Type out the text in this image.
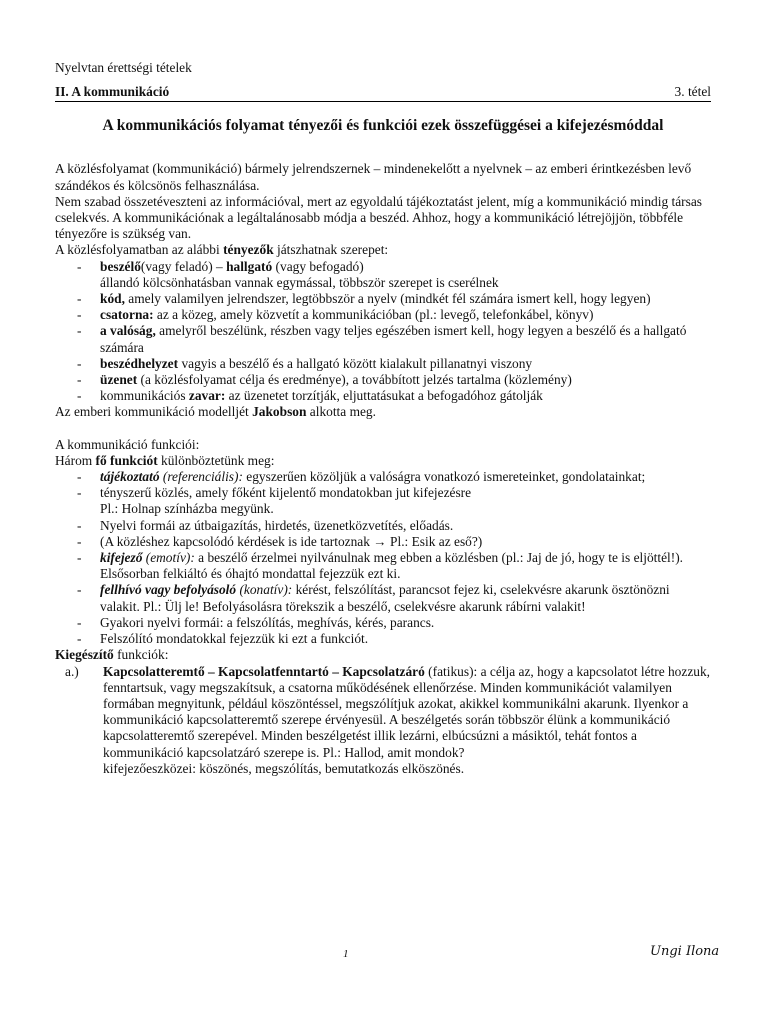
Nyelvtan érettségi tételek
II. A kommunikáció	3. tétel
A kommunikációs folyamat tényezői és funkciói ezek összefüggései a kifejezésmóddal

A közlésfolyamat (kommunikáció) bármely jelrendszernek – mindenekelőtt a nyelvnek – az emberi érintkezésben levő szándékos és kölcsönös felhasználása.

Nem szabad összetéveszteni az információval, mert az egyoldalú tájékoztatást jelent, míg a kommunikáció mindig társas cselekvés. A kommunikációnak a legáltalánosabb módja a beszéd. Ahhoz, hogy a kommunikáció létrejöjjön, többféle tényezőre is szükség van.

A közlésfolyamatban az alábbi tényezők játszhatnak szerepet:

- beszélő(vagy feladó) – hallgató (vagy befogadó)
állandó kölcsönhatásban vannak egymással, többször szerepet is cserélnek
- kód, amely valamilyen jelrendszer, legtöbbször a nyelv (mindkét fél számára ismert kell, hogy legyen)
- csatorna: az a közeg, amely közvetít a kommunikációban (pl.: levegő, telefonkábel, könyv)
- a valóság, amelyről beszélünk, részben vagy teljes egészében ismert kell, hogy legyen a beszélő és a hallgató számára
- beszédhelyzet vagyis a beszélő és a hallgató között kialakult pillanatnyi viszony
- üzenet (a közlésfolyamat célja és eredménye), a továbbított jelzés tartalma (közlemény)
- kommunikációs zavar: az üzenetet torzítják, eljuttatásukat a befogadóhoz gátolják

Az emberi kommunikáció modelljét Jakobson alkotta meg.

A kommunikáció funkciói:

Három fő funkciót különböztetünk meg:

- tájékoztató (referenciális): egyszerűen közöljük a valóságra vonatkozó ismereteinket, gondolatainkat;
- tényszerű közlés, amely főként kijelentő mondatokban jut kifejezésre
Pl.: Holnap színházba megyünk.
- Nyelvi formái az útbaigazítás, hirdetés, üzenetközvetítés, előadás.
- (A közléshez kapcsolódó kérdések is ide tartoznak → Pl.: Esik az eső?)
- kifejező (emotív): a beszélő érzelmei nyilvánulnak meg ebben a közlésben (pl.: Jaj de jó, hogy te is eljöttél!). Elsősorban felkiáltó és óhajtó mondattal fejezzük ezt ki.
- fellhívó vagy befolyásoló (konatív): kérést, felszólítást, parancsot fejez ki, cselekvésre akarunk ösztönözni valakit. Pl.: Ülj le! Befolyásolásra törekszik a beszélő, cselekvésre akarunk rábírni valakit!
- Gyakori nyelvi formái: a felszólítás, meghívás, kérés, parancs.
- Felszólító mondatokkal fejezzük ki ezt a funkciót.

Kiegészítő funkciók:

a.) Kapcsolatteremtő – Kapcsolatfenntartó – Kapcsolatzáró (fatikus): a célja az, hogy a kapcsolatot létre hozzuk, fenntartsuk, vagy megszakítsuk, a csatorna működésének ellenőrzése. Minden kommunikációt valamilyen formában megnyitunk, például köszöntéssel, megszólítjuk azokat, akikkel kommunikálni akarunk. Ilyenkor a kommunikáció kapcsolatteremtő szerepe érvényesül. A beszélgetés során többször élünk a kommunikáció kapcsolatteremtő szerepével. Minden beszélgetést illik lezárni, elbúcsúzni a másiktól, tehát fontos a kommunikáció kapcsolatzáró szerepe is. Pl.: Hallod, amit mondok?
kifejezőeszközei: köszönés, megszólítás, bemutatkozás elköszönés.
1	Ungi Ilona
